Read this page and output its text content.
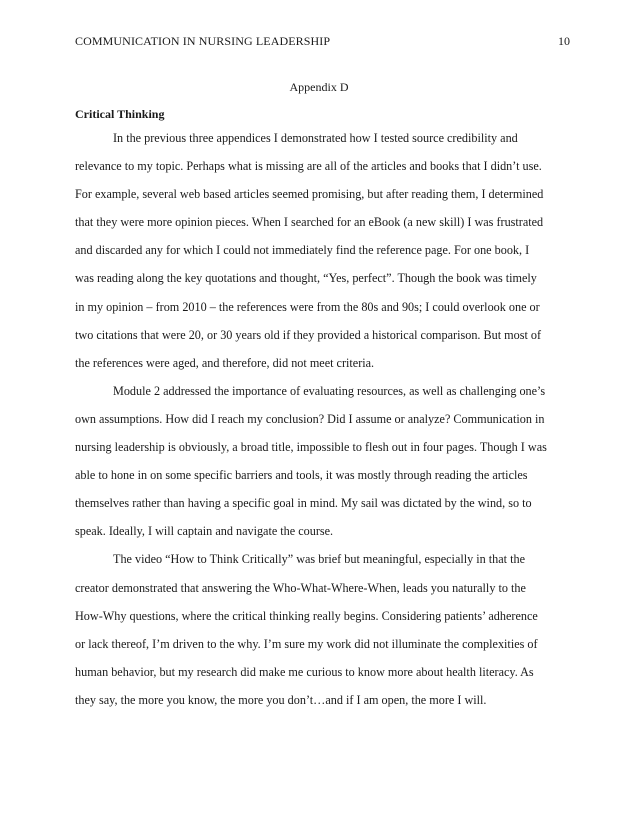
COMMUNICATION IN NURSING LEADERSHIP	10
Appendix D
Critical Thinking
In the previous three appendices I demonstrated how I tested source credibility and
relevance to my topic. Perhaps what is missing are all of the articles and books that I didn’t use.
For example, several web based articles seemed promising, but after reading them, I determined
that they were more opinion pieces. When I searched for an eBook (a new skill) I was frustrated
and discarded any for which I could not immediately find the reference page. For one book, I
was reading along the key quotations and thought, “Yes, perfect”. Though the book was timely
in my opinion – from 2010 – the references were from the 80s and 90s; I could overlook one or
two citations that were 20, or 30 years old if they provided a historical comparison. But most of
the references were aged, and therefore, did not meet criteria.
Module 2 addressed the importance of evaluating resources, as well as challenging one’s
own assumptions. How did I reach my conclusion? Did I assume or analyze? Communication in
nursing leadership is obviously, a broad title, impossible to flesh out in four pages. Though I was
able to hone in on some specific barriers and tools, it was mostly through reading the articles
themselves rather than having a specific goal in mind. My sail was dictated by the wind, so to
speak. Ideally, I will captain and navigate the course.
The video “How to Think Critically” was brief but meaningful, especially in that the
creator demonstrated that answering the Who-What-Where-When, leads you naturally to the
How-Why questions, where the critical thinking really begins. Considering patients’ adherence
or lack thereof, I’m driven to the why. I’m sure my work did not illuminate the complexities of
human behavior, but my research did make me curious to know more about health literacy. As
they say, the more you know, the more you don’t…and if I am open, the more I will.
